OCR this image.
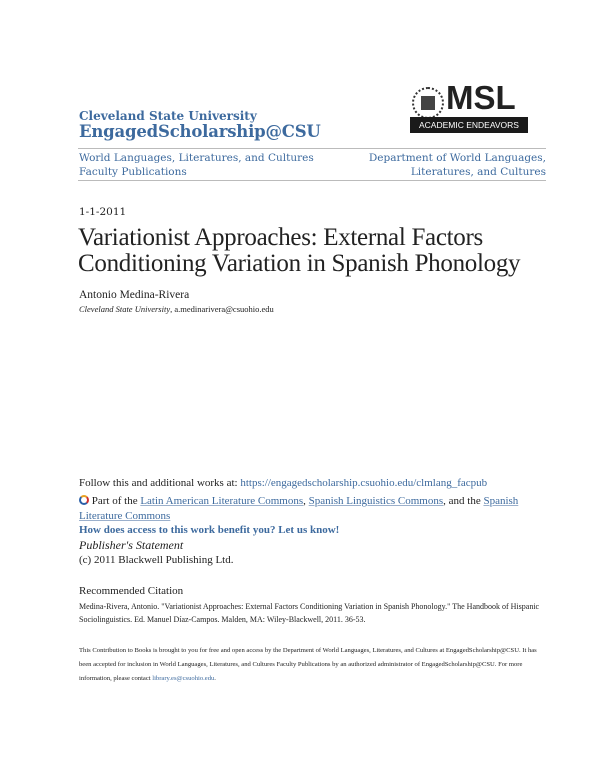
Cleveland State University
EngagedScholarship@CSU
MSL
ACADEMIC ENDEAVORS
World Languages, Literatures, and Cultures Faculty Publications
Department of World Languages, Literatures, and Cultures
1-1-2011
Variationist Approaches: External Factors
Conditioning Variation in Spanish Phonology
Antonio Medina-Rivera
Cleveland State University, a.medinarivera@csuohio.edu
Follow this and additional works at: https://engagedscholarship.csuohio.edu/clmlang_facpub
Part of the Latin American Literature Commons, Spanish Linguistics Commons, and the Spanish Literature Commons
How does access to this work benefit you? Let us know!
Publisher's Statement
(c) 2011 Blackwell Publishing Ltd.
Recommended Citation
Medina-Rivera, Antonio. "Variationist Approaches: External Factors Conditioning Variation in Spanish Phonology." The Handbook of Hispanic Sociolinguistics. Ed. Manuel Díaz-Campos. Malden, MA: Wiley-Blackwell, 2011. 36-53.
This Contribution to Books is brought to you for free and open access by the Department of World Languages, Literatures, and Cultures at EngagedScholarship@CSU. It has been accepted for inclusion in World Languages, Literatures, and Cultures Faculty Publications by an authorized administrator of EngagedScholarship@CSU. For more information, please contact library.es@csuohio.edu.
